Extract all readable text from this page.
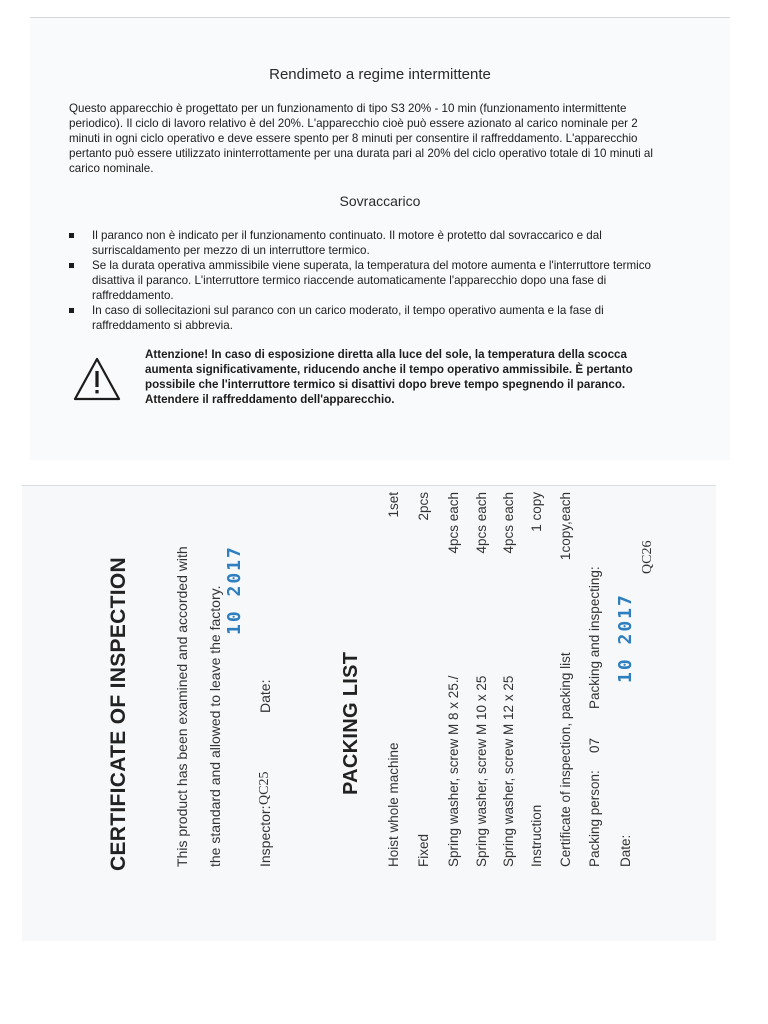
Rendimeto a regime intermittente

Questo apparecchio è progettato per un funzionamento di tipo S3 20% - 10 min (funzionamento intermittente periodico). Il ciclo di lavoro relativo è del 20%. L'apparecchio cioè può essere azionato al carico nominale per 2 minuti in ogni ciclo operativo e deve essere spento per 8 minuti per consentire il raffreddamento. L'apparecchio pertanto può essere utilizzato ininterrottamente per una durata pari al 20% del ciclo operativo totale di 10 minuti al carico nominale.

Sovraccarico
Il paranco non è indicato per il funzionamento continuato. Il motore è protetto dal sovraccarico e dal surriscaldamento per mezzo di un interruttore termico.
Se la durata operativa ammissibile viene superata, la temperatura del motore aumenta e l'interruttore termico disattiva il paranco. L'interruttore termico riaccende automaticamente l'apparecchio dopo una fase di raffreddamento.
In caso di sollecitazioni sul paranco con un carico moderato, il tempo operativo aumenta e la fase di raffreddamento si abbrevia.

Attenzione! In caso di esposizione diretta alla luce del sole, la temperatura della scocca aumenta significativamente, riducendo anche il tempo operativo ammissibile. È pertanto possibile che l'interruttore termico si disattivi dopo breve tempo spegnendo il paranco. Attendere il raffreddamento dell'apparecchio.

CERTIFICATE OF INSPECTION	This product has been examined and accorded with the standard and allowed to leave the factory. Inspector:
QC25
Date:
10 2017
PACKING LIST
Hoist whole machine
1set
Fixed
2pcs
Spring washer, screw M 8 x 25./
4pcs each
Spring washer, screw M 10 x 25
4pcs each
Spring washer, screw M 12 x 25
4pcs each
Instruction
1 copy
Certificate of inspection, packing list
1copy,each
Packing person:
07
Packing and inspecting:
QC26
Date:
10 2017
